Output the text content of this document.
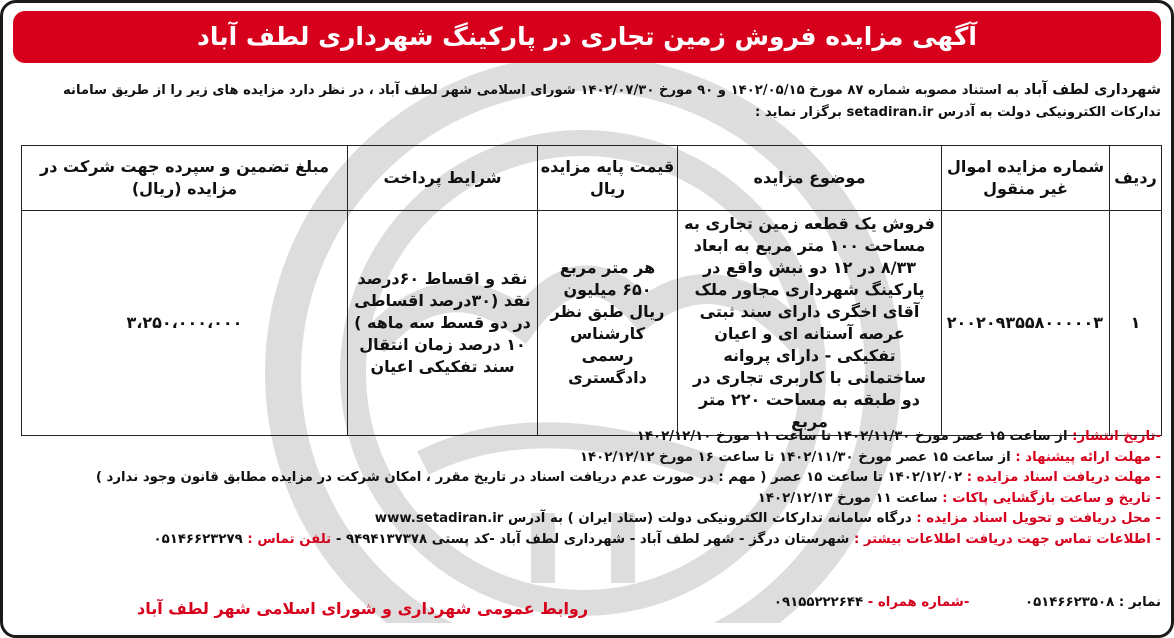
آگهی مزایده فروش زمین تجاری در پارکینگ شهرداری لطف آباد
شهرداری لطف آباد به استناد مصوبه شماره ۸۷ مورخ ۱۴۰۲/۰۵/۱۵ و ۹۰ مورخ ۱۴۰۲/۰۷/۳۰ شورای اسلامی شهر لطف آباد ، در نظر دارد مزایده های زیر را از طریق سامانه
تدارکات الکترونیکی دولت به آدرس setadiran.ir برگزار نماید :
ردیف	شماره مزایده اموال غیر منقول	موضوع مزایده	قیمت پایه مزایده ریال	شرایط پرداخت	مبلغ تضمین و سپرده جهت شرکت در مزایده (ریال)
۱	۲۰۰۲۰۹۳۵۵۸۰۰۰۰۰۳	فروش یک قطعه زمین تجاری به مساحت ۱۰۰ متر مربع به ابعاد ۸/۳۳ در ۱۲ دو نبش واقع در پارکینگ شهرداری مجاور ملک آقای اخگری دارای سند ثبتی عرصه آستانه ای و اعیان تفکیکی - دارای پروانه ساختمانی با کاربری تجاری در دو طبقه به مساحت ۲۲۰ متر مربع	هر متر مربع ۶۵۰ میلیون ریال طبق نظر کارشناس رسمی دادگستری	نقد و اقساط ۶۰درصد نقد (۳۰درصد اقساطی در دو قسط سه ماهه ) ۱۰ درصد زمان انتقال سند تفکیکی اعیان	۳،۲۵۰،۰۰۰،۰۰۰
-تاریخ انتشار: از ساعت ۱۵ عصر مورخ ۱۴۰۲/۱۱/۳۰ تا ساعت ۱۱ مورخ ۱۴۰۲/۱۲/۱۰
- مهلت ارائه پیشنهاد : از ساعت ۱۵ عصر مورخ ۱۴۰۲/۱۱/۳۰ تا ساعت ۱۶ مورخ ۱۴۰۲/۱۲/۱۲
- مهلت دریافت اسناد مزایده : ۱۴۰۲/۱۲/۰۲ تا ساعت ۱۵ عصر ( مهم : در صورت عدم دریافت اسناد در تاریخ مقرر ، امکان شرکت در مزایده مطابق قانون وجود ندارد )
- تاریخ و ساعت بازگشایی پاکات : ساعت ۱۱ مورخ ۱۴۰۲/۱۲/۱۳
- محل دریافت و تحویل اسناد مزایده : درگاه سامانه تدارکات الکترونیکی دولت (ستاد ایران ) به آدرس www.setadiran.ir
- اطلاعات تماس جهت دریافت اطلاعات بیشتر : شهرستان درگز - شهر لطف آباد - شهرداری لطف آباد -کد پستی ۹۴۹۴۱۳۷۳۷۸ - تلفن تماس : ۰۵۱۴۶۶۲۳۲۷۹
نمابر : ۰۵۱۴۶۶۲۳۵۰۸            -شماره همراه - ۰۹۱۵۵۲۲۲۶۴۴
روابط عمومی شهرداری و شورای اسلامی شهر لطف آباد
